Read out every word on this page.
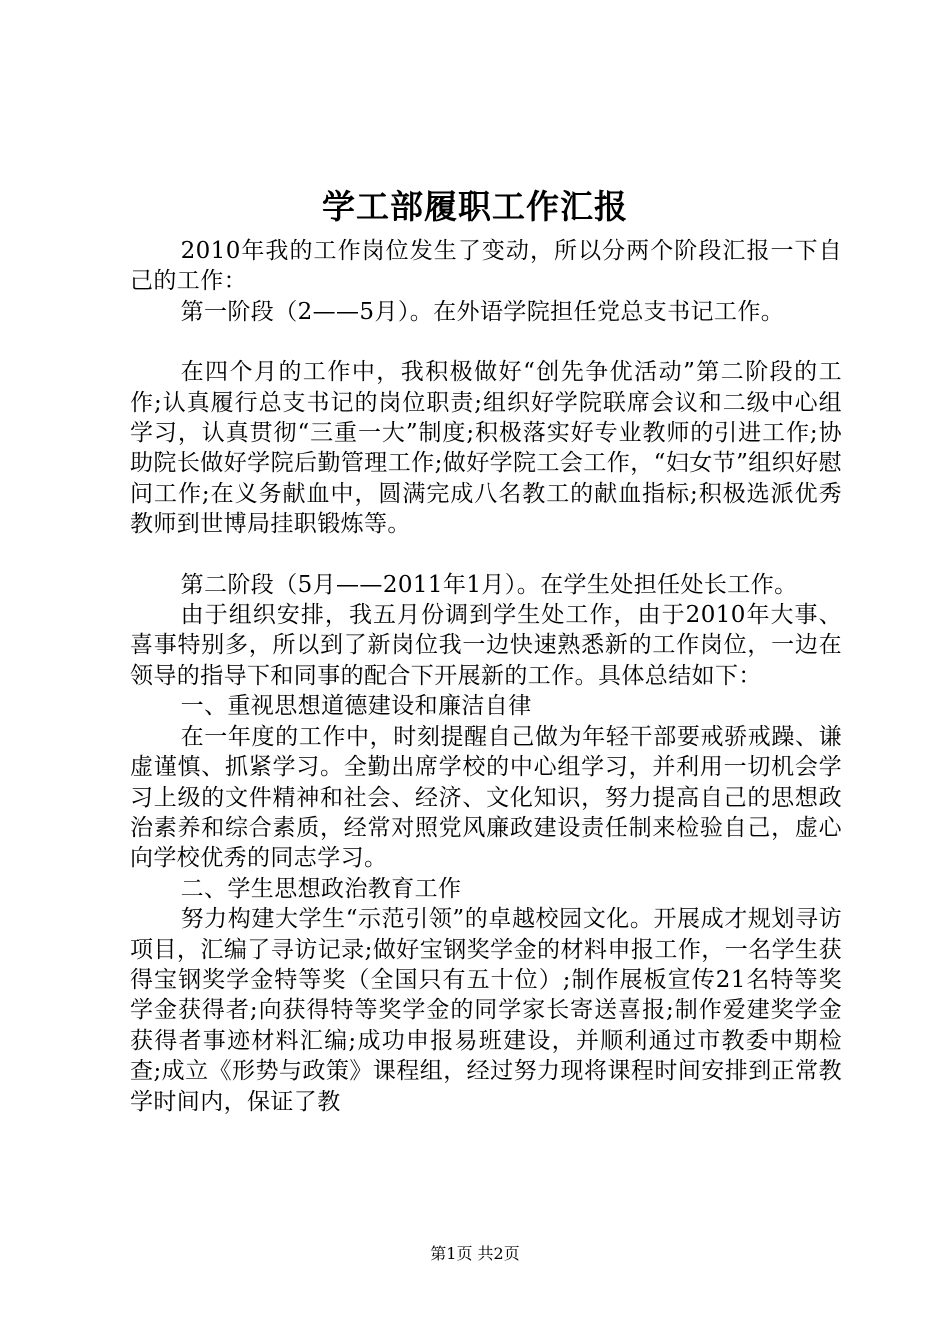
学工部履职工作汇报

2010年我的工作岗位发生了变动，所以分两个阶段汇报一下自己的工作：

第一阶段（2——5月）。在外语学院担任党总支书记工作。

在四个月的工作中，我积极做好“创先争优活动”第二阶段的工作;认真履行总支书记的岗位职责;组织好学院联席会议和二级中心组学习，认真贯彻“三重一大”制度;积极落实好专业教师的引进工作;协助院长做好学院后勤管理工作;做好学院工会工作，“妇女节”组织好慰问工作;在义务献血中，圆满完成八名教工的献血指标;积极选派优秀教师到世博局挂职锻炼等。

第二阶段（5月——2011年1月）。在学生处担任处长工作。

由于组织安排，我五月份调到学生处工作，由于2010年大事、喜事特别多，所以到了新岗位我一边快速熟悉新的工作岗位，一边在领导的指导下和同事的配合下开展新的工作。具体总结如下：

一、重视思想道德建设和廉洁自律

在一年度的工作中，时刻提醒自己做为年轻干部要戒骄戒躁、谦虚谨慎、抓紧学习。全勤出席学校的中心组学习，并利用一切机会学习上级的文件精神和社会、经济、文化知识，努力提高自己的思想政治素养和综合素质，经常对照党风廉政建设责任制来检验自己，虚心向学校优秀的同志学习。

二、学生思想政治教育工作

努力构建大学生“示范引领”的卓越校园文化。开展成才规划寻访项目，汇编了寻访记录;做好宝钢奖学金的材料申报工作，一名学生获得宝钢奖学金特等奖（全国只有五十位）;制作展板宣传21名特等奖学金获得者;向获得特等奖学金的同学家长寄送喜报;制作爱建奖学金获得者事迹材料汇编;成功申报易班建设，并顺利通过市教委中期检查;成立《形势与政策》课程组，经过努力现将课程时间安排到正常教学时间内，保证了教

第1页 共2页
